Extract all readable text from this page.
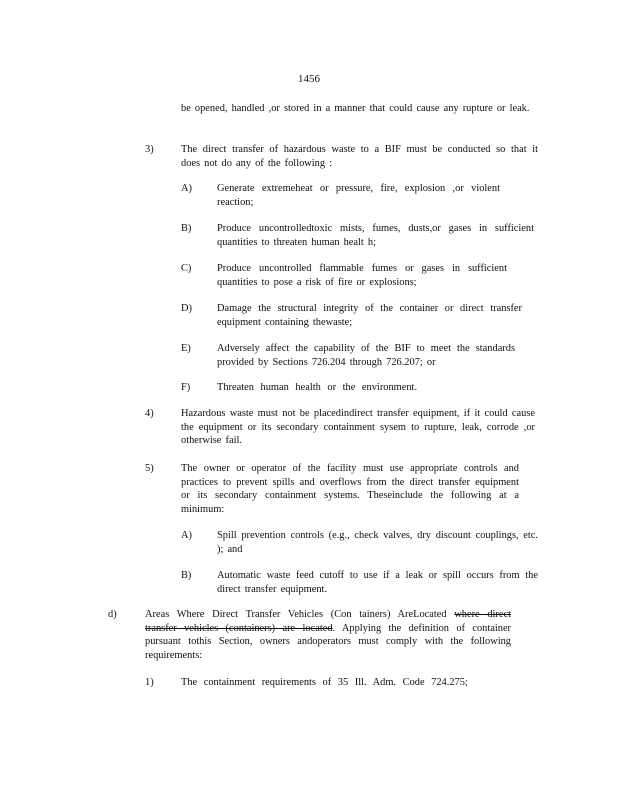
1456
be opened, handled ,or stored in a manner that could cause any rupture or leak.
3)	The direct transfer of hazardous waste to a BIF must be conducted so that it does not do any of the following :
A) Generate extremeheat or pressure, fire, explosion ,or violent reaction;
B) Produce uncontrolledtoxic mists, fumes, dusts,or gases in sufficient quantities to threaten human healt h;
C) Produce uncontrolled flammable fumes or gases in sufficient quantities to pose a risk of fire or explosions;
D) Damage the structural integrity of the container or direct transfer equipment containing thewaste;
E)	Adversely affect the capability of the BIF to meet the standards provided by Sections 726.204 through 726.207; or
F)	Threaten human health or the environment.
4)	Hazardous waste must not be placedindirect transfer equipment, if it could cause the equipment or its secondary containment sysem to rupture, leak, corrode ,or otherwise fail.
5)	The owner or operator of the facility must use appropriate controls and practices to prevent spills and overflows from the direct transfer equipment or its secondary containment systems. Theseinclude the following at a minimum:
A) Spill prevention controls (e.g., check valves, dry discount couplings, etc. ); and
B) Automatic waste feed cutoff to use if a leak or spill occurs from the direct transfer equipment.
d)	Areas Where Direct Transfer Vehicles (Con tainers) AreLocated where direct transfer vehicles (containers) are located. Applying the definition of container pursuant tothis Section, owners andoperators must comply with the following requirements:
1)	The containment requirements of 35 Ill. Adm. Code 724.275;
